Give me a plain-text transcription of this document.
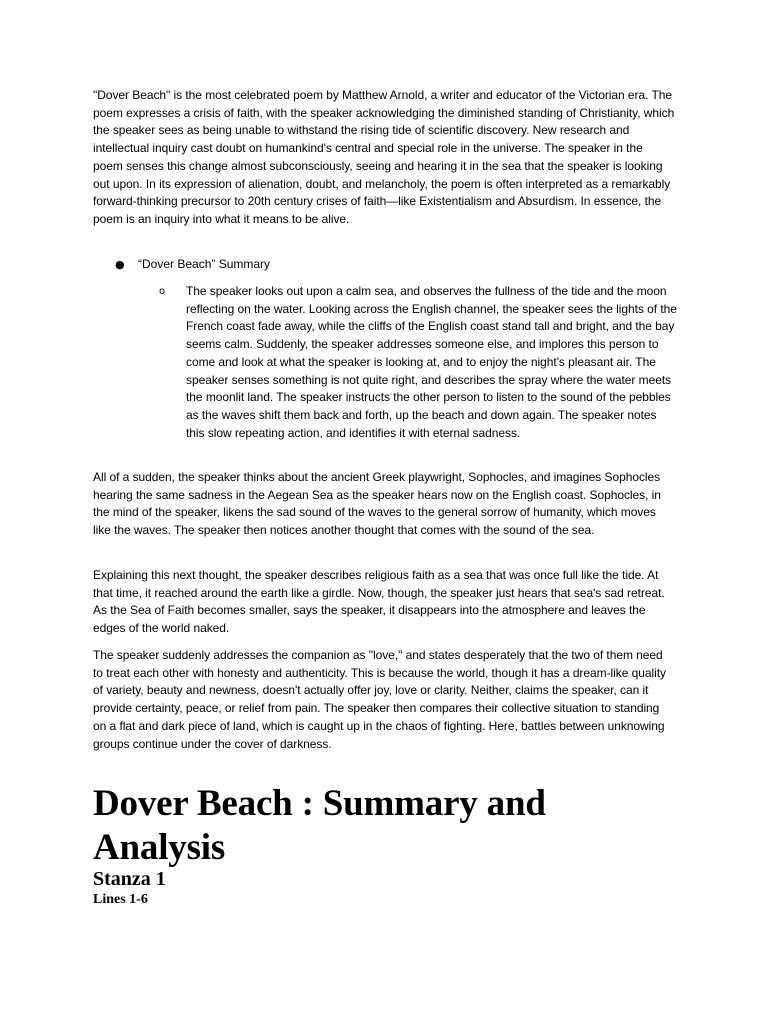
"Dover Beach" is the most celebrated poem by Matthew Arnold, a writer and educator of the Victorian era. The poem expresses a crisis of faith, with the speaker acknowledging the diminished standing of Christianity, which the speaker sees as being unable to withstand the rising tide of scientific discovery. New research and intellectual inquiry cast doubt on humankind's central and special role in the universe. The speaker in the poem senses this change almost subconsciously, seeing and hearing it in the sea that the speaker is looking out upon. In its expression of alienation, doubt, and melancholy, the poem is often interpreted as a remarkably forward-thinking precursor to 20th century crises of faith—like Existentialism and Absurdism. In essence, the poem is an inquiry into what it means to be alive.

● “Dover Beach” Summary
o The speaker looks out upon a calm sea, and observes the fullness of the tide and the moon reflecting on the water. Looking across the English channel, the speaker sees the lights of the French coast fade away, while the cliffs of the English coast stand tall and bright, and the bay seems calm. Suddenly, the speaker addresses someone else, and implores this person to come and look at what the speaker is looking at, and to enjoy the night's pleasant air. The speaker senses something is not quite right, and describes the spray where the water meets the moonlit land. The speaker instructs the other person to listen to the sound of the pebbles as the waves shift them back and forth, up the beach and down again. The speaker notes this slow repeating action, and identifies it with eternal sadness.

All of a sudden, the speaker thinks about the ancient Greek playwright, Sophocles, and imagines Sophocles hearing the same sadness in the Aegean Sea as the speaker hears now on the English coast. Sophocles, in the mind of the speaker, likens the sad sound of the waves to the general sorrow of humanity, which moves like the waves. The speaker then notices another thought that comes with the sound of the sea.

Explaining this next thought, the speaker describes religious faith as a sea that was once full like the tide. At that time, it reached around the earth like a girdle. Now, though, the speaker just hears that sea's sad retreat. As the Sea of Faith becomes smaller, says the speaker, it disappears into the atmosphere and leaves the edges of the world naked.

The speaker suddenly addresses the companion as "love," and states desperately that the two of them need to treat each other with honesty and authenticity. This is because the world, though it has a dream-like quality of variety, beauty and newness, doesn't actually offer joy, love or clarity. Neither, claims the speaker, can it provide certainty, peace, or relief from pain. The speaker then compares their collective situation to standing on a flat and dark piece of land, which is caught up in the chaos of fighting. Here, battles between unknowing groups continue under the cover of darkness.

Dover Beach : Summary and Analysis
Stanza 1
Lines 1-6
